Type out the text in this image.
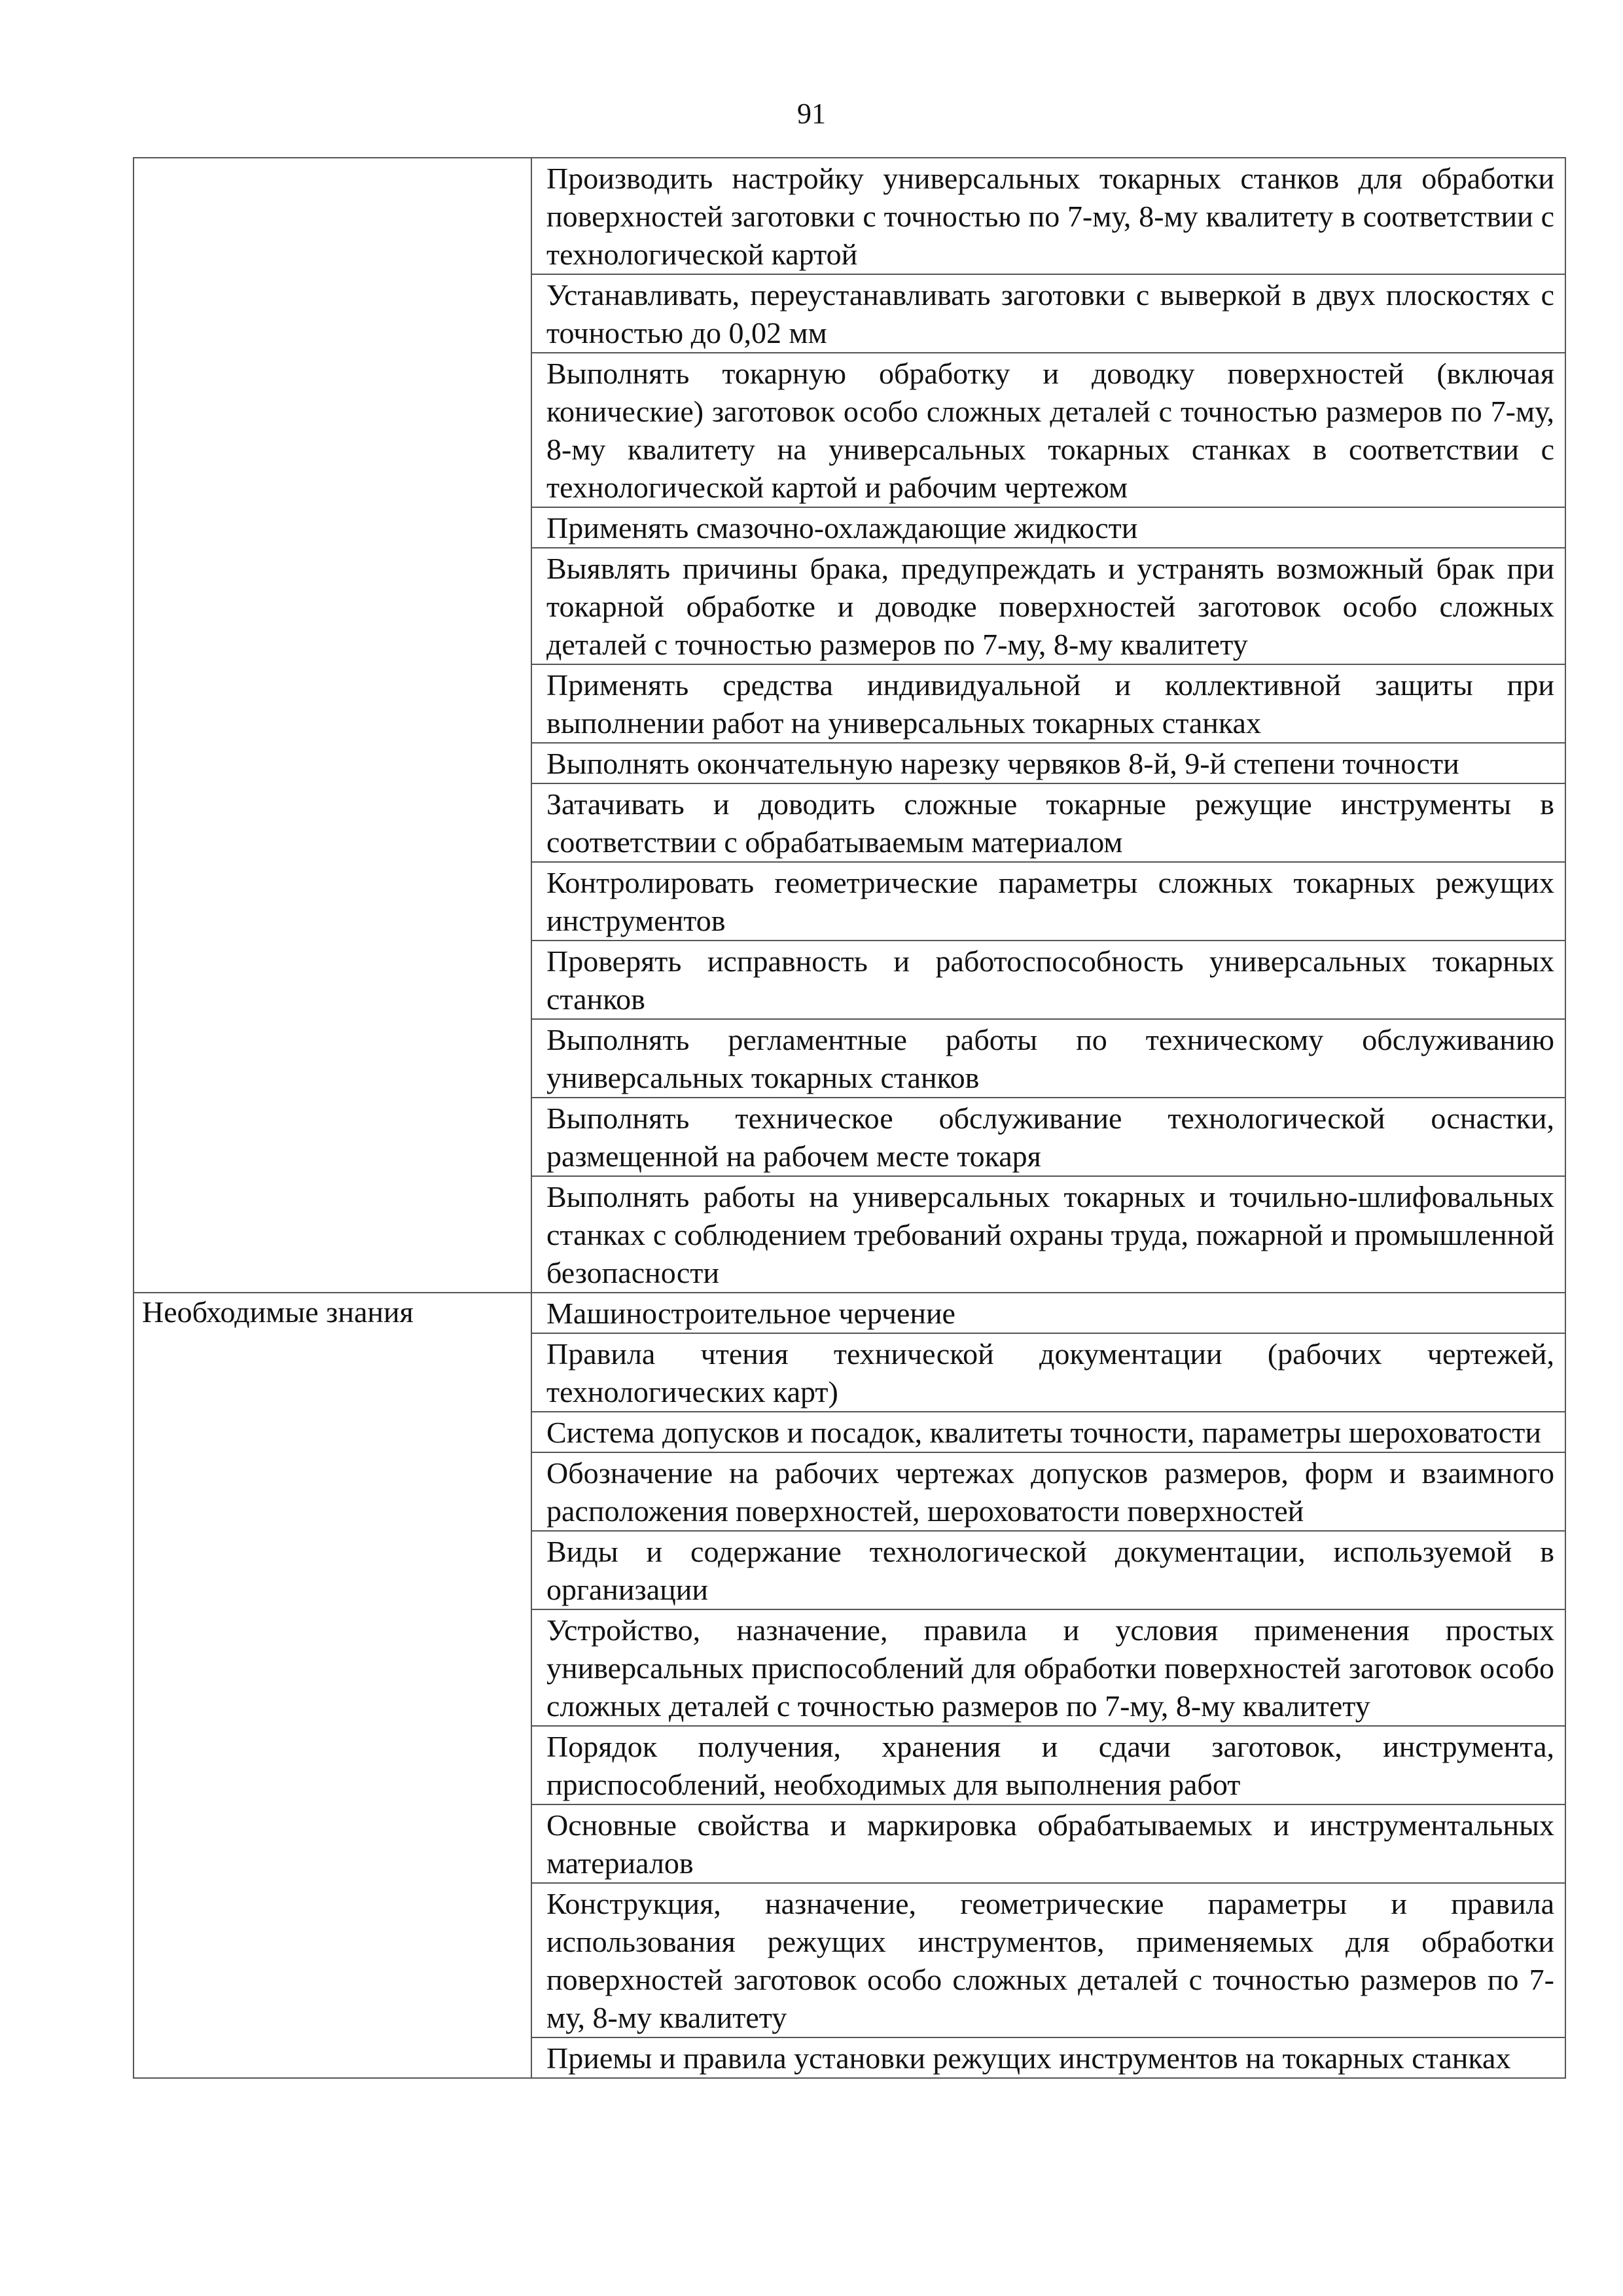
91
	Производить настройку универсальных токарных станков для обработки поверхностей заготовки с точностью по 7-му, 8-му квалитету в соответствии с технологической картой
	Устанавливать, переустанавливать заготовки с выверкой в двух плоскостях с точностью до 0,02 мм
	Выполнять токарную обработку и доводку поверхностей (включая конические) заготовок особо сложных деталей с точностью размеров по 7-му, 8-му квалитету на универсальных токарных станках в соответствии с технологической картой и рабочим чертежом
	Применять смазочно-охлаждающие жидкости
	Выявлять причины брака, предупреждать и устранять возможный брак при токарной обработке и доводке поверхностей заготовок особо сложных деталей с точностью размеров по 7-му, 8-му квалитету
	Применять средства индивидуальной и коллективной защиты при выполнении работ на универсальных токарных станках
	Выполнять окончательную нарезку червяков 8-й, 9-й степени точности
	Затачивать и доводить сложные токарные режущие инструменты в соответствии с обрабатываемым материалом
	Контролировать геометрические параметры сложных токарных режущих инструментов
	Проверять исправность и работоспособность универсальных токарных станков
	Выполнять регламентные работы по техническому обслуживанию универсальных токарных станков
	Выполнять техническое обслуживание технологической оснастки, размещенной на рабочем месте токаря
	Выполнять работы на универсальных токарных и точильно-шлифовальных станках с соблюдением требований охраны труда, пожарной и промышленной безопасности

Необходимые знания	Машиностроительное черчение
	Правила чтения технической документации (рабочих чертежей, технологических карт)
	Система допусков и посадок, квалитеты точности, параметры шероховатости
	Обозначение на рабочих чертежах допусков размеров, форм и взаимного расположения поверхностей, шероховатости поверхностей
	Виды и содержание технологической документации, используемой в организации
	Устройство, назначение, правила и условия применения простых универсальных приспособлений для обработки поверхностей заготовок особо сложных деталей с точностью размеров по 7-му, 8-му квалитету
	Порядок получения, хранения и сдачи заготовок, инструмента, приспособлений, необходимых для выполнения работ
	Основные свойства и маркировка обрабатываемых и инструментальных материалов
	Конструкция, назначение, геометрические параметры и правила использования режущих инструментов, применяемых для обработки поверхностей заготовок особо сложных деталей с точностью размеров по 7-му, 8-му квалитету
	Приемы и правила установки режущих инструментов на токарных станках
